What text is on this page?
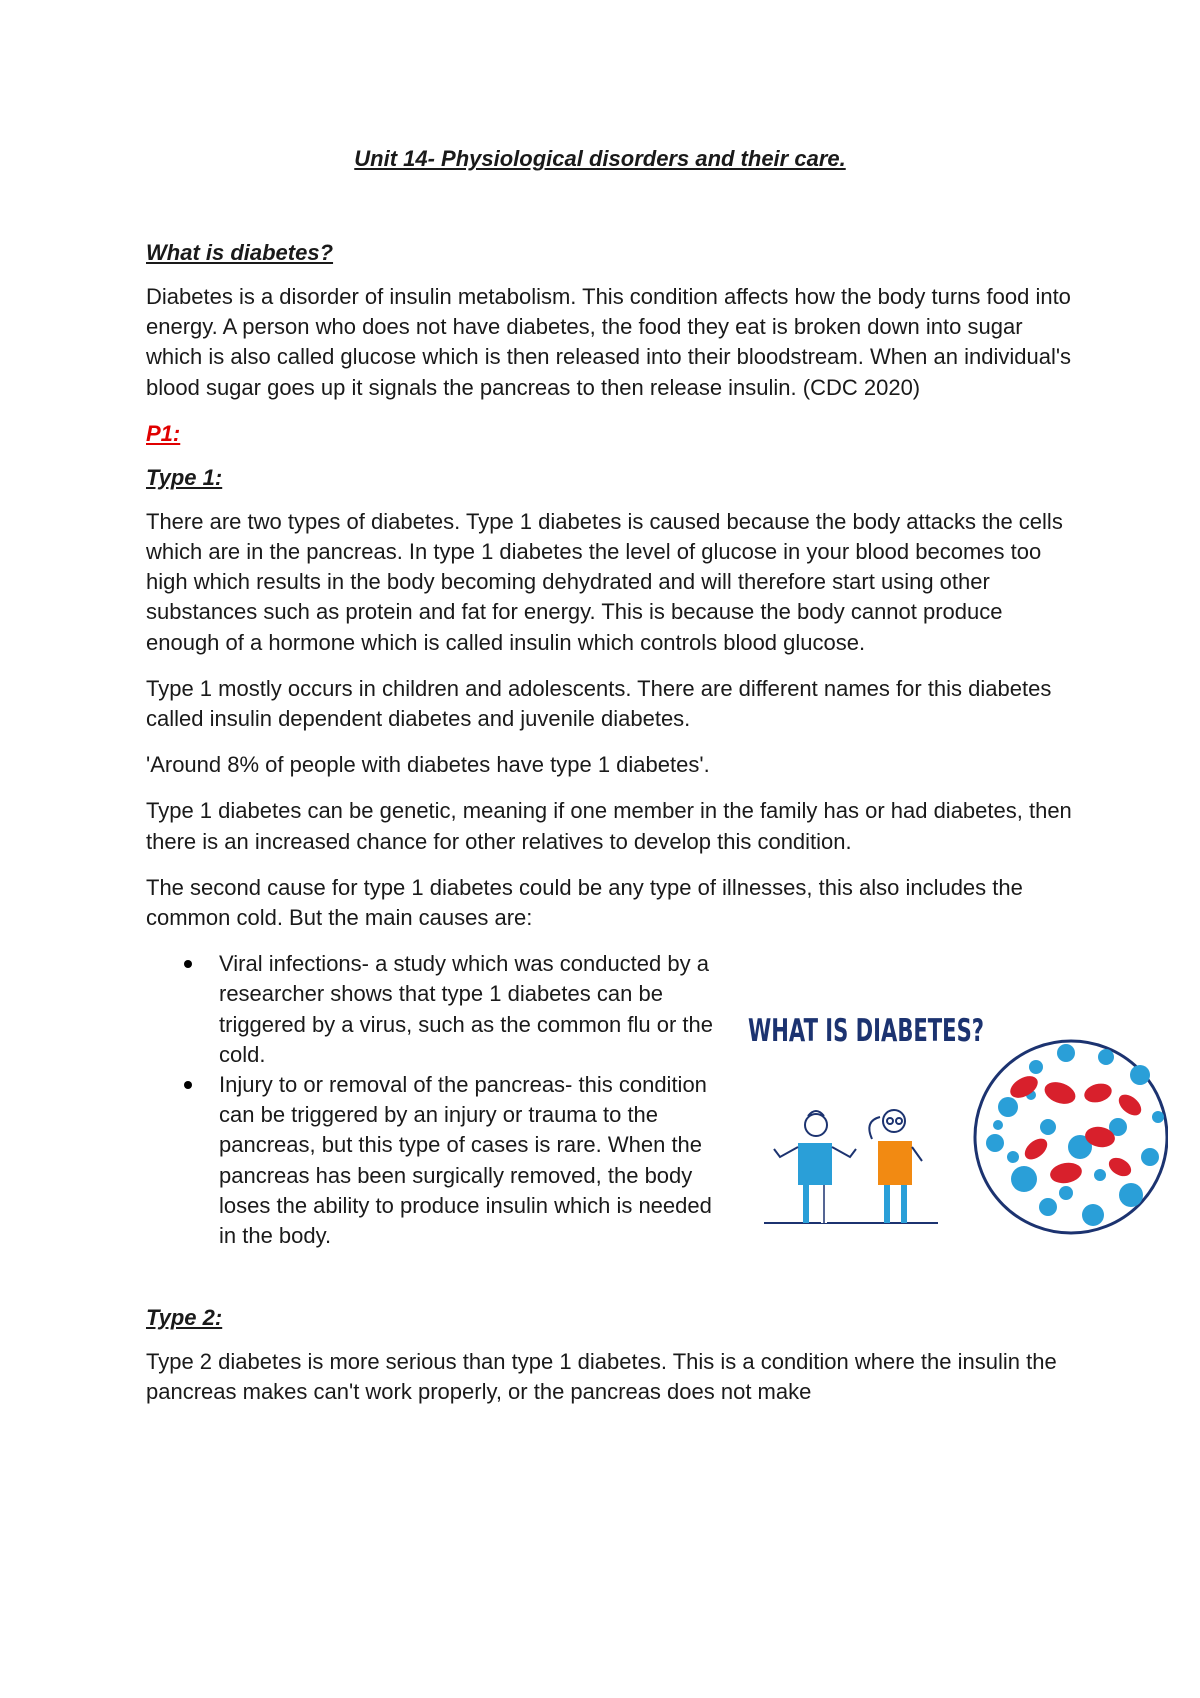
Unit 14- Physiological disorders and their care.
What is diabetes?

Diabetes is a disorder of insulin metabolism. This condition affects how the body turns food into energy. A person who does not have diabetes, the food they eat is broken down into sugar which is also called glucose which is then released into their bloodstream. When an individual's blood sugar goes up it signals the pancreas to then release insulin. (CDC 2020)

P1:
Type 1:

There are two types of diabetes. Type 1 diabetes is caused because the body attacks the cells which are in the pancreas. In type 1 diabetes the level of glucose in your blood becomes too high which results in the body becoming dehydrated and will therefore start using other substances such as protein and fat for energy. This is because the body cannot produce enough of a hormone which is called insulin which controls blood glucose.

Type 1 mostly occurs in children and adolescents. There are different names for this diabetes called insulin dependent diabetes and juvenile diabetes.

'Around 8% of people with diabetes have type 1 diabetes'.

Type 1 diabetes can be genetic, meaning if one member in the family has or had diabetes, then there is an increased chance for other relatives to develop this condition.

The second cause for type 1 diabetes could be any type of illnesses, this also includes the common cold. But the main causes are:

Viral infections- a study which was conducted by a researcher shows that type 1 diabetes can be triggered by a virus, such as the common flu or the cold.
Injury to or removal of the pancreas- this condition can be triggered by an injury or trauma to the pancreas, but this type of cases is rare. When the pancreas has been surgically removed, the body loses the ability to produce insulin which is needed in the body.
WHAT IS DIABETES?
Type 2:

Type 2 diabetes is more serious than type 1 diabetes. This is a condition where the insulin the pancreas makes can't work properly, or the pancreas does not make
